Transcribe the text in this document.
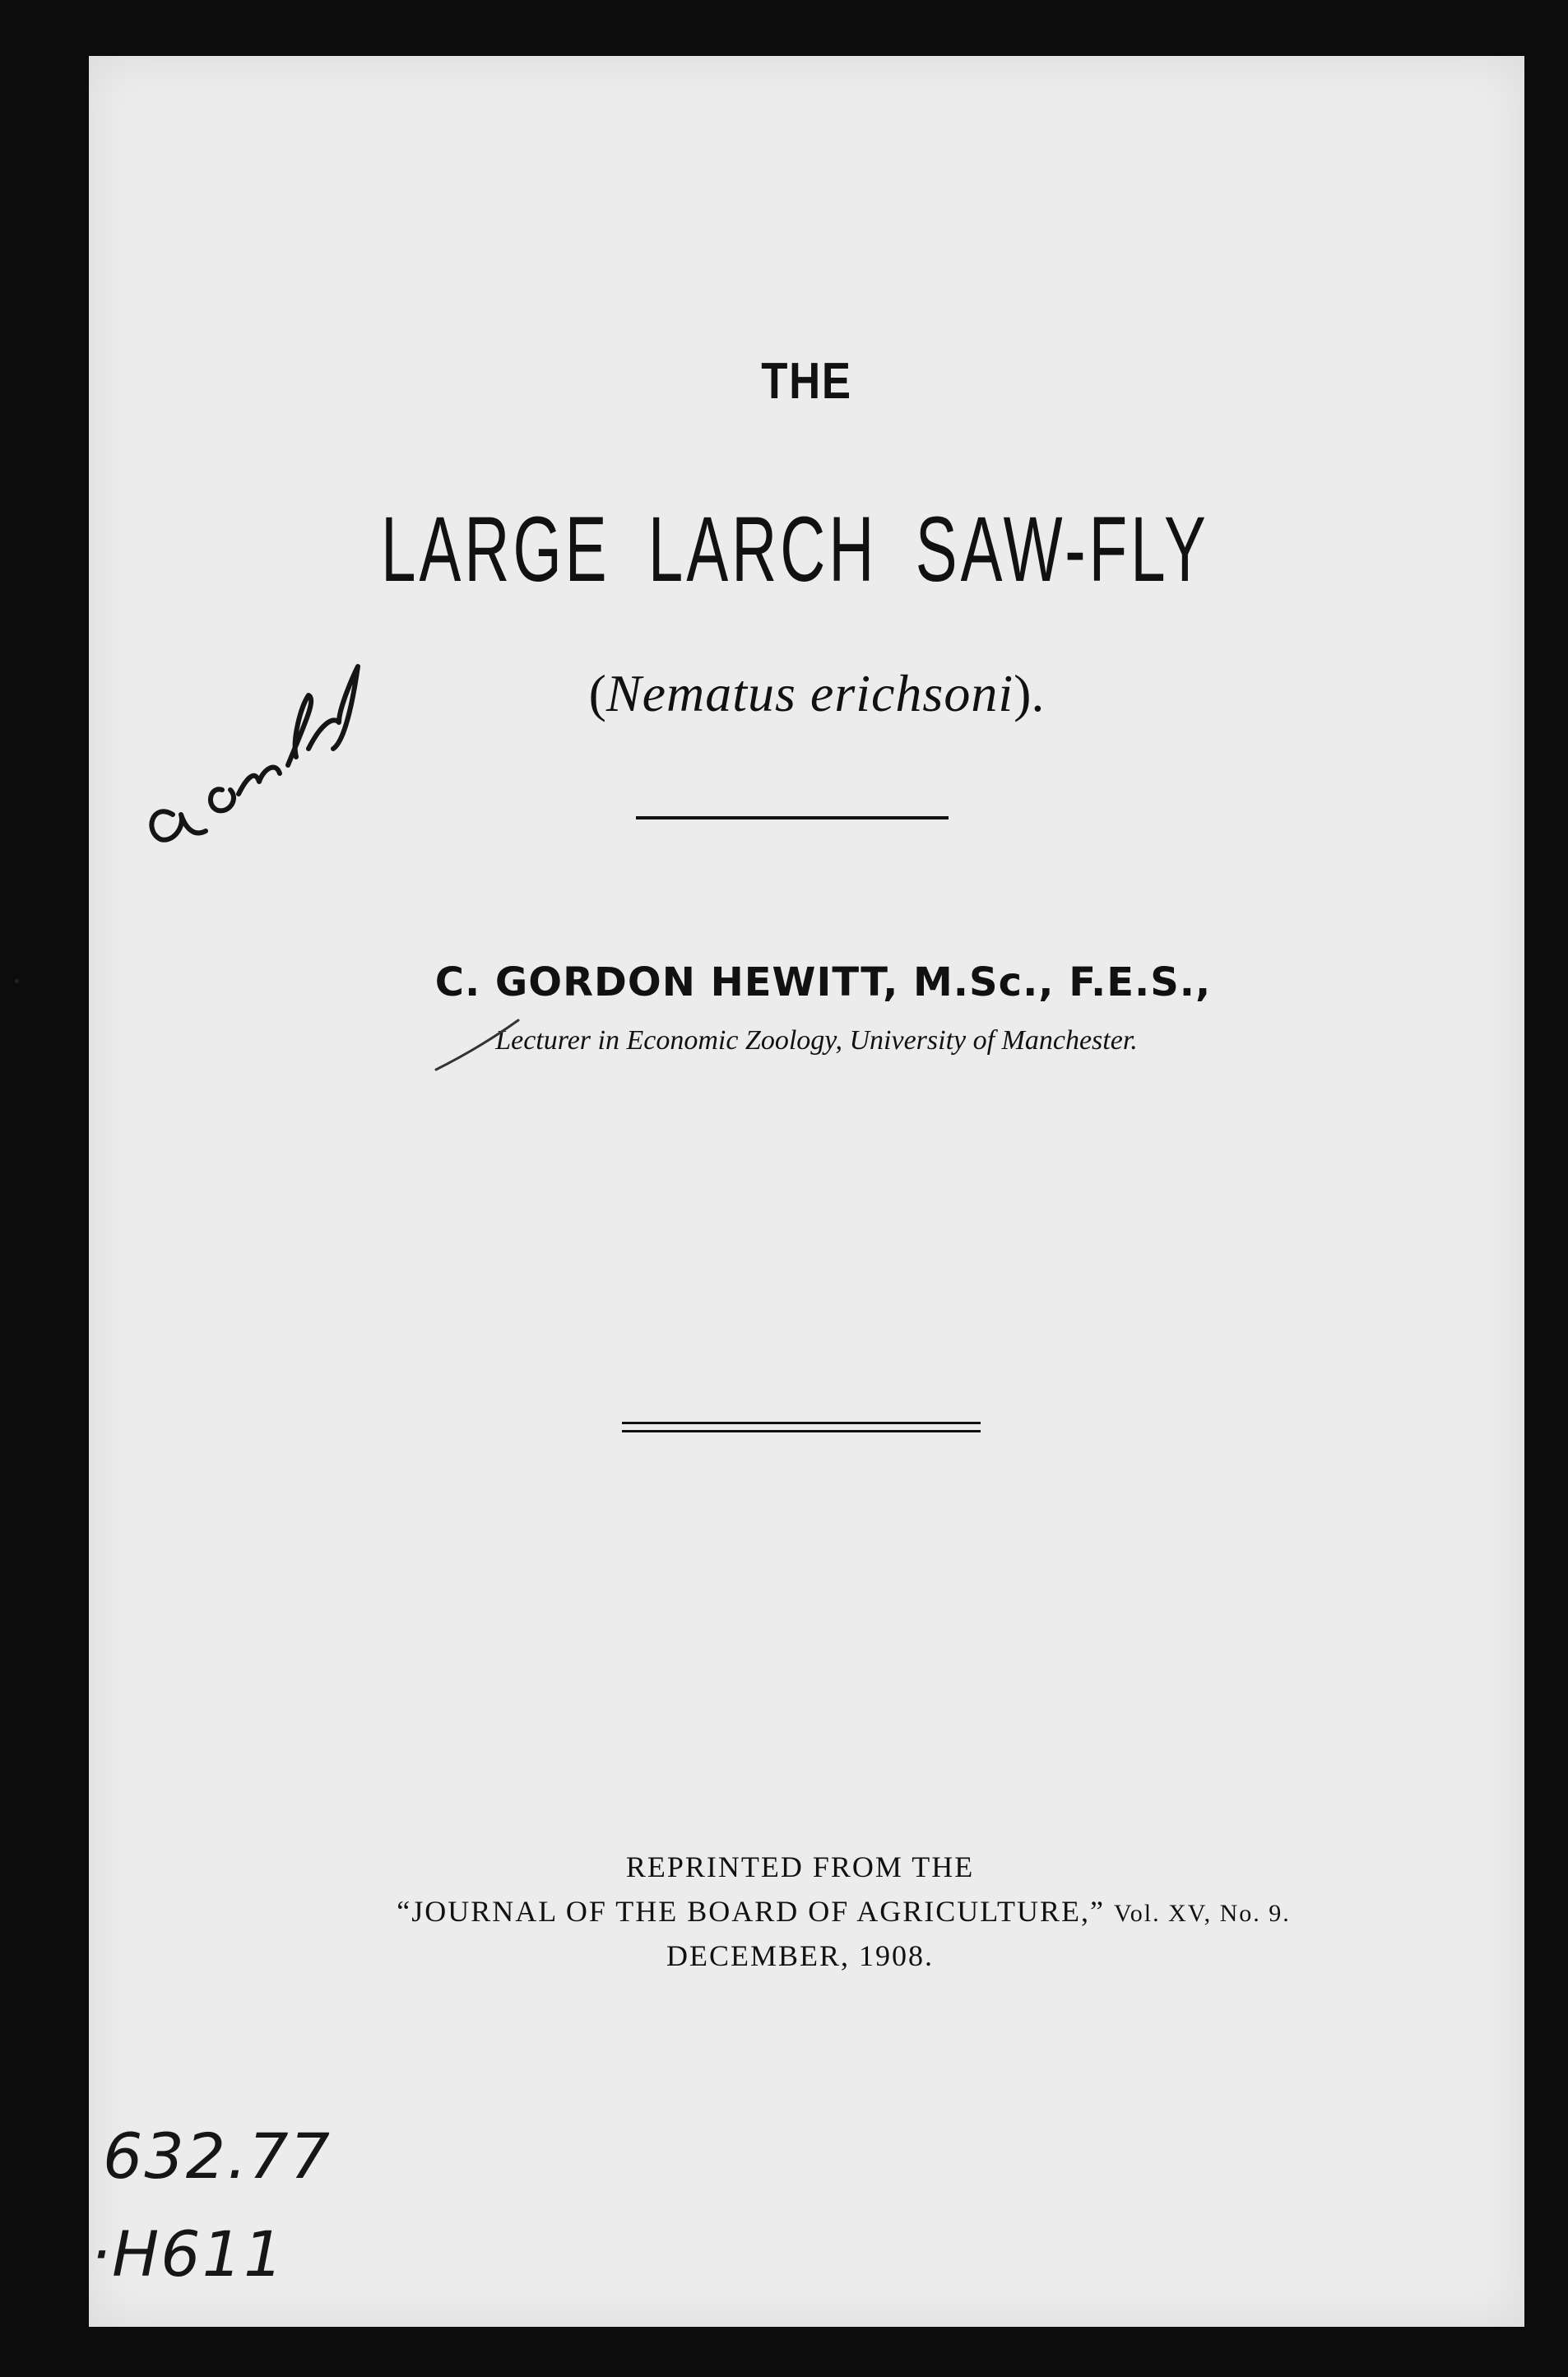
THE
LARGE LARCH SAW-FLY
(Nematus erichsoni).
C. GORDON HEWITT, M.Sc., F.E.S.,
Lecturer in Economic Zoology, University of Manchester.
REPRINTED FROM THE
“JOURNAL OF THE BOARD OF AGRICULTURE,” Vol. XV, No. 9.
DECEMBER, 1908.
632.77
·H611
